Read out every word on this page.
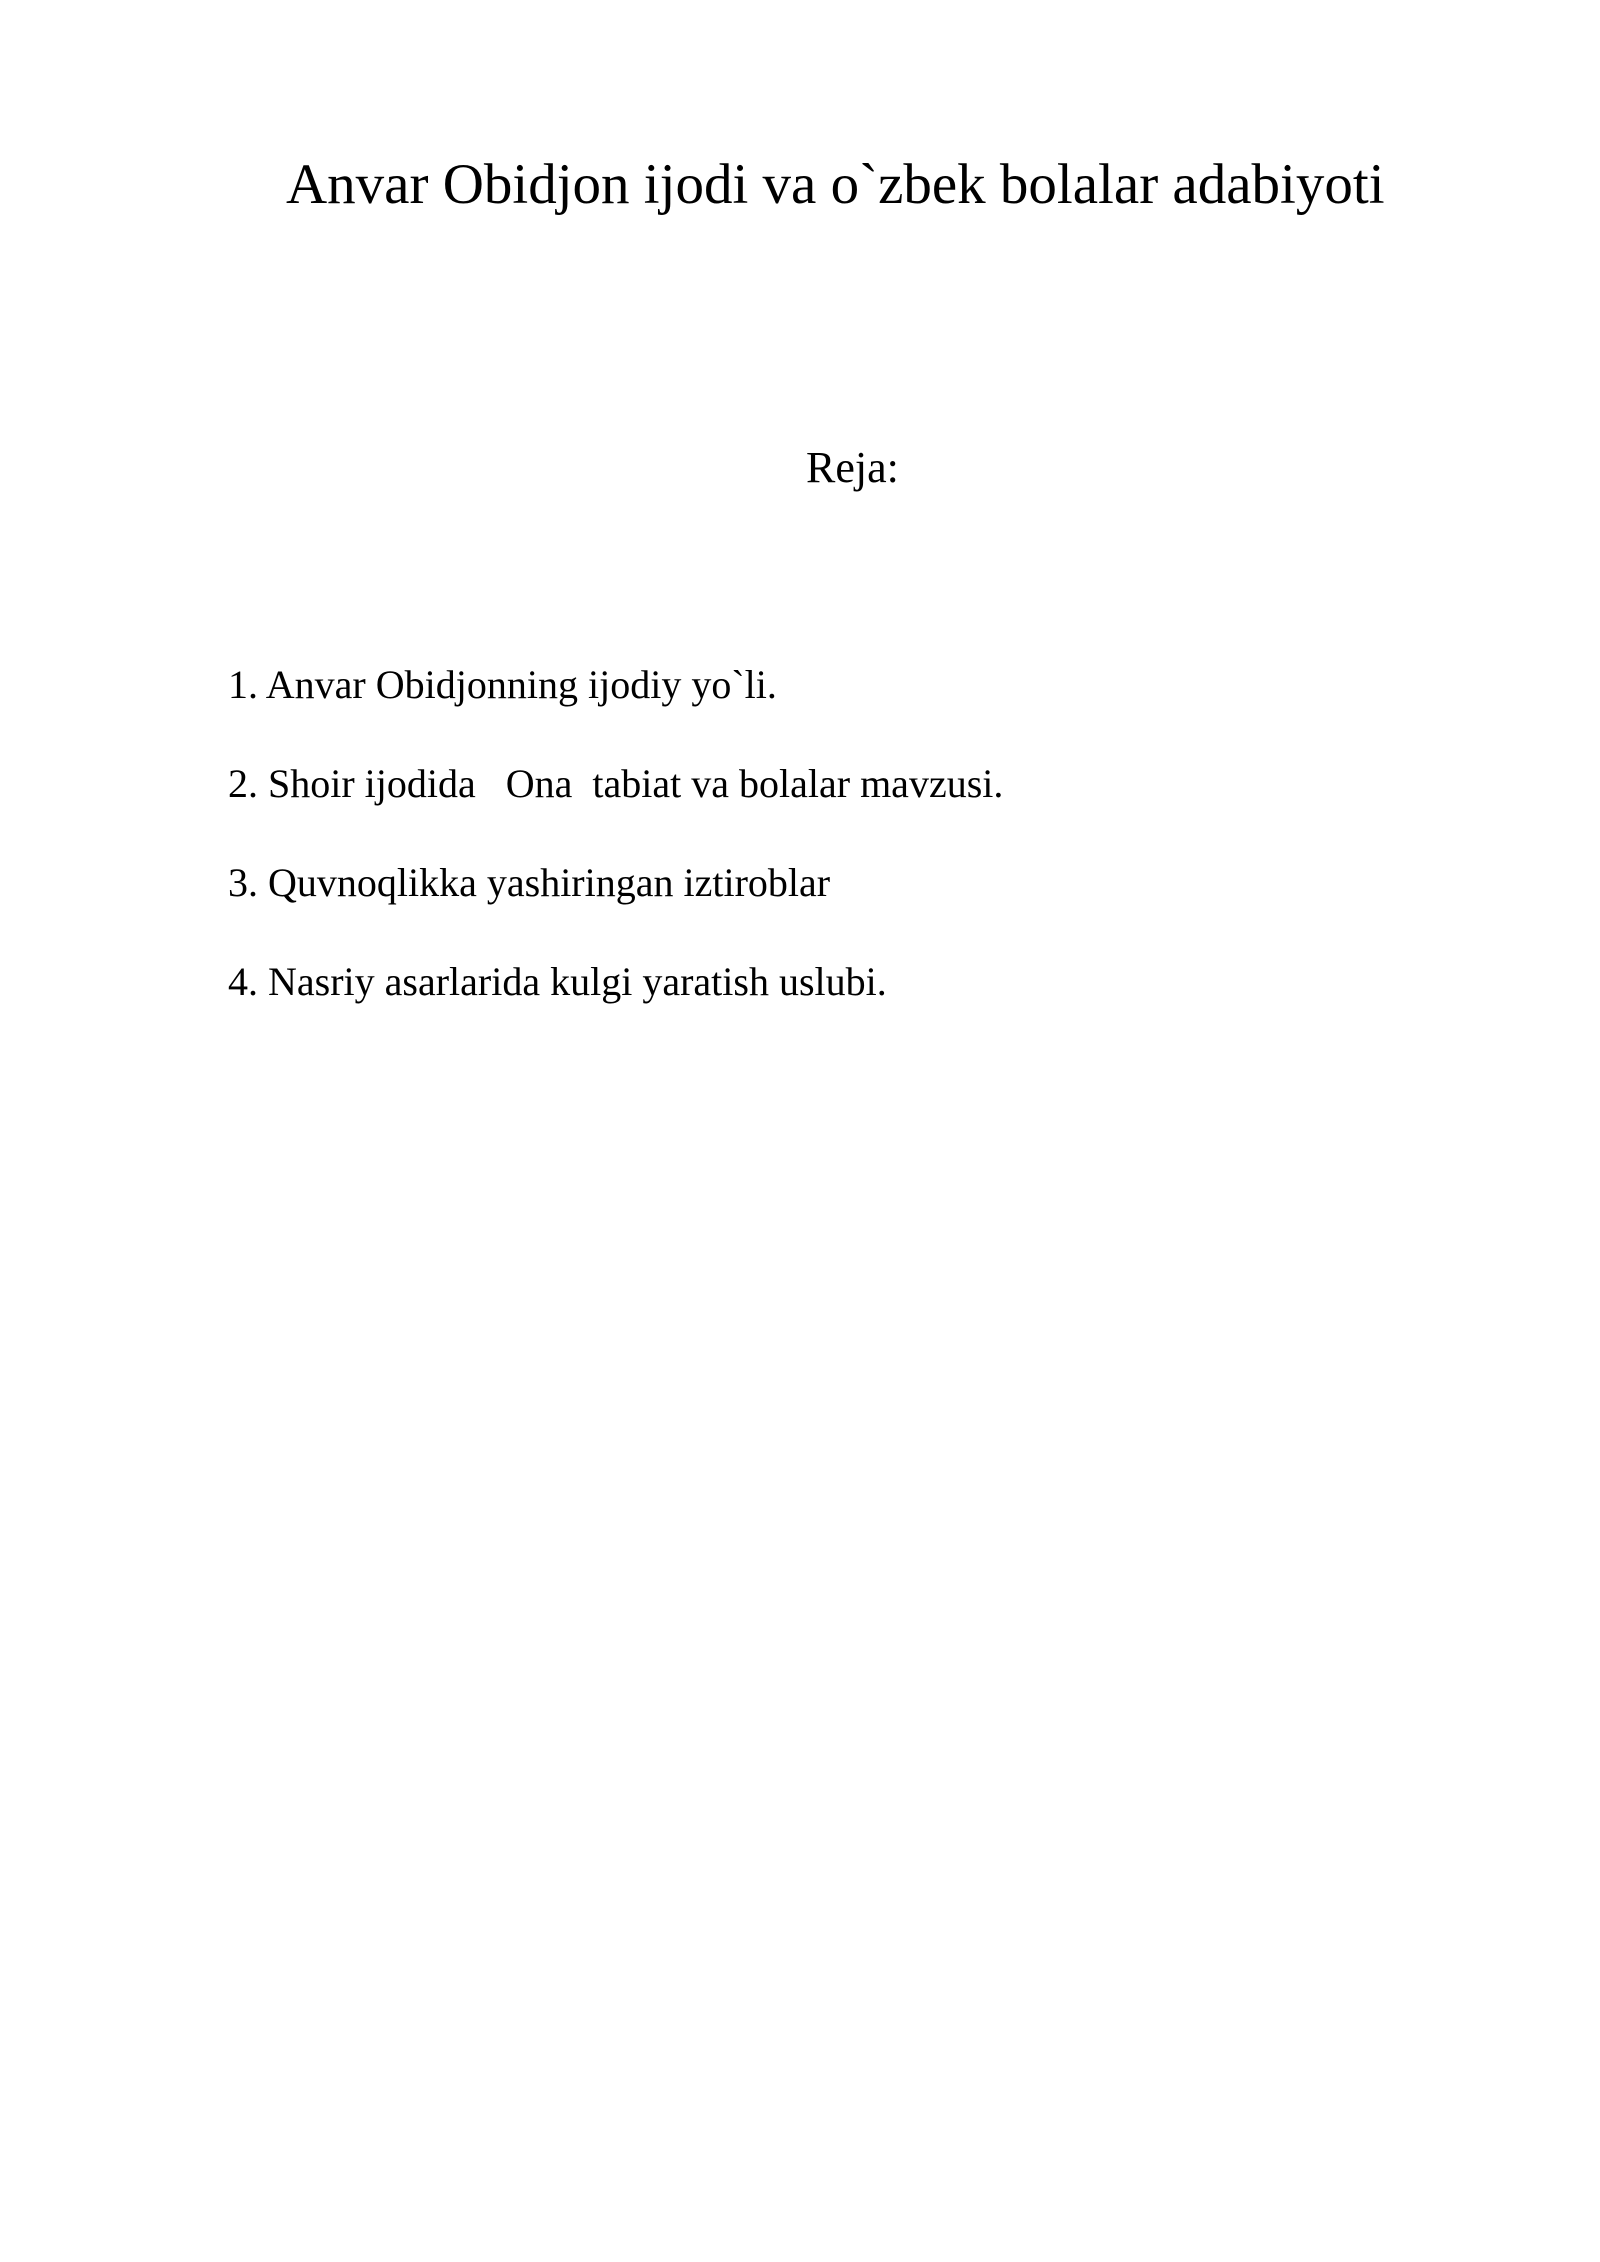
Anvar Obidjon ijodi va o`zbek bolalar adabiyoti
Reja:
1. Anvar Obidjonning ijodiy yo`li.
2. Shoir ijodida   Ona  tabiat va bolalar mavzusi.
3. Quvnoqlikka yashiringan iztiroblar
4. Nasriy asarlarida kulgi yaratish uslubi.
